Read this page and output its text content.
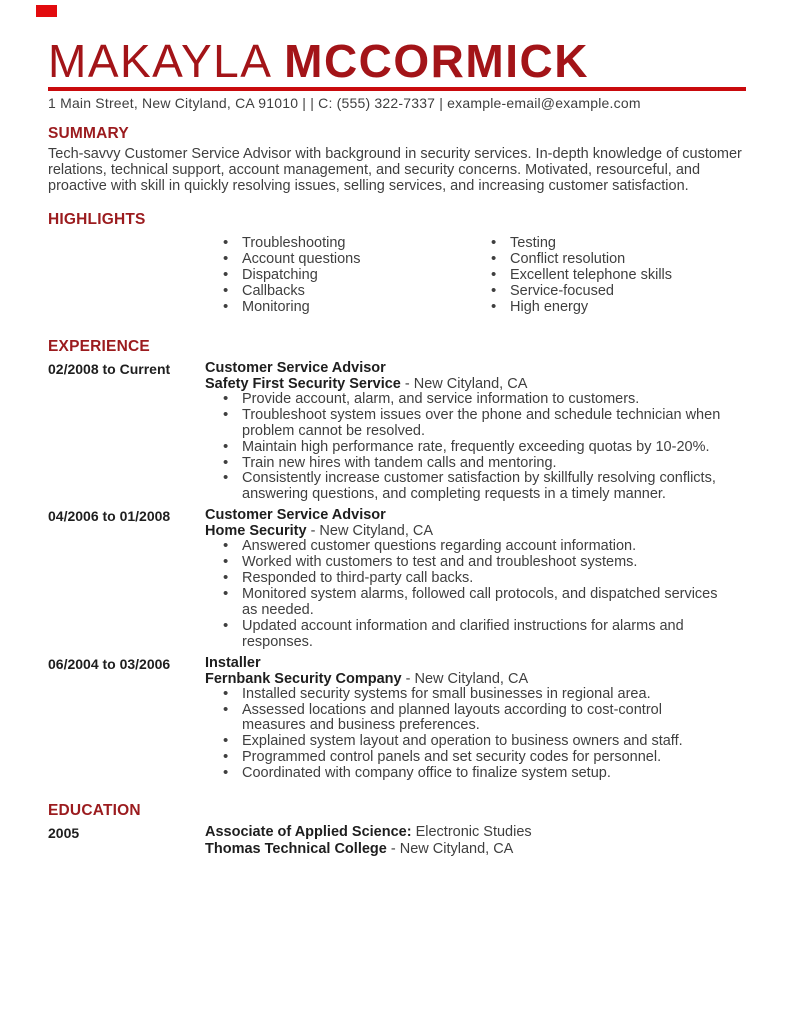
MAKAYLA MCCORMICK
1 Main Street, New Cityland, CA 91010 | | C: (555) 322-7337 | example-email@example.com
SUMMARY
Tech-savvy Customer Service Advisor with background in security services. In-depth knowledge of customer relations, technical support, account management, and security concerns. Motivated, resourceful, and proactive with skill in quickly resolving issues, selling services, and increasing customer satisfaction.
HIGHLIGHTS
• Troubleshooting
• Account questions
• Dispatching
• Callbacks
• Monitoring
• Testing
• Conflict resolution
• Excellent telephone skills
• Service-focused
• High energy
EXPERIENCE
02/2008 to Current	Customer Service Advisor
Safety First Security Service - New Cityland, CA
• Provide account, alarm, and service information to customers.
• Troubleshoot system issues over the phone and schedule technician when problem cannot be resolved.
• Maintain high performance rate, frequently exceeding quotas by 10-20%.
• Train new hires with tandem calls and mentoring.
• Consistently increase customer satisfaction by skillfully resolving conflicts, answering questions, and completing requests in a timely manner.
04/2006 to 01/2008	Customer Service Advisor
Home Security - New Cityland, CA
• Answered customer questions regarding account information.
• Worked with customers to test and and troubleshoot systems.
• Responded to third-party call backs.
• Monitored system alarms, followed call protocols, and dispatched services as needed.
• Updated account information and clarified instructions for alarms and responses.
06/2004 to 03/2006	Installer
Fernbank Security Company - New Cityland, CA
• Installed security systems for small businesses in regional area.
• Assessed locations and planned layouts according to cost-control measures and business preferences.
• Explained system layout and operation to business owners and staff.
• Programmed control panels and set security codes for personnel.
• Coordinated with company office to finalize system setup.
EDUCATION
2005	Associate of Applied Science: Electronic Studies
Thomas Technical College - New Cityland, CA
